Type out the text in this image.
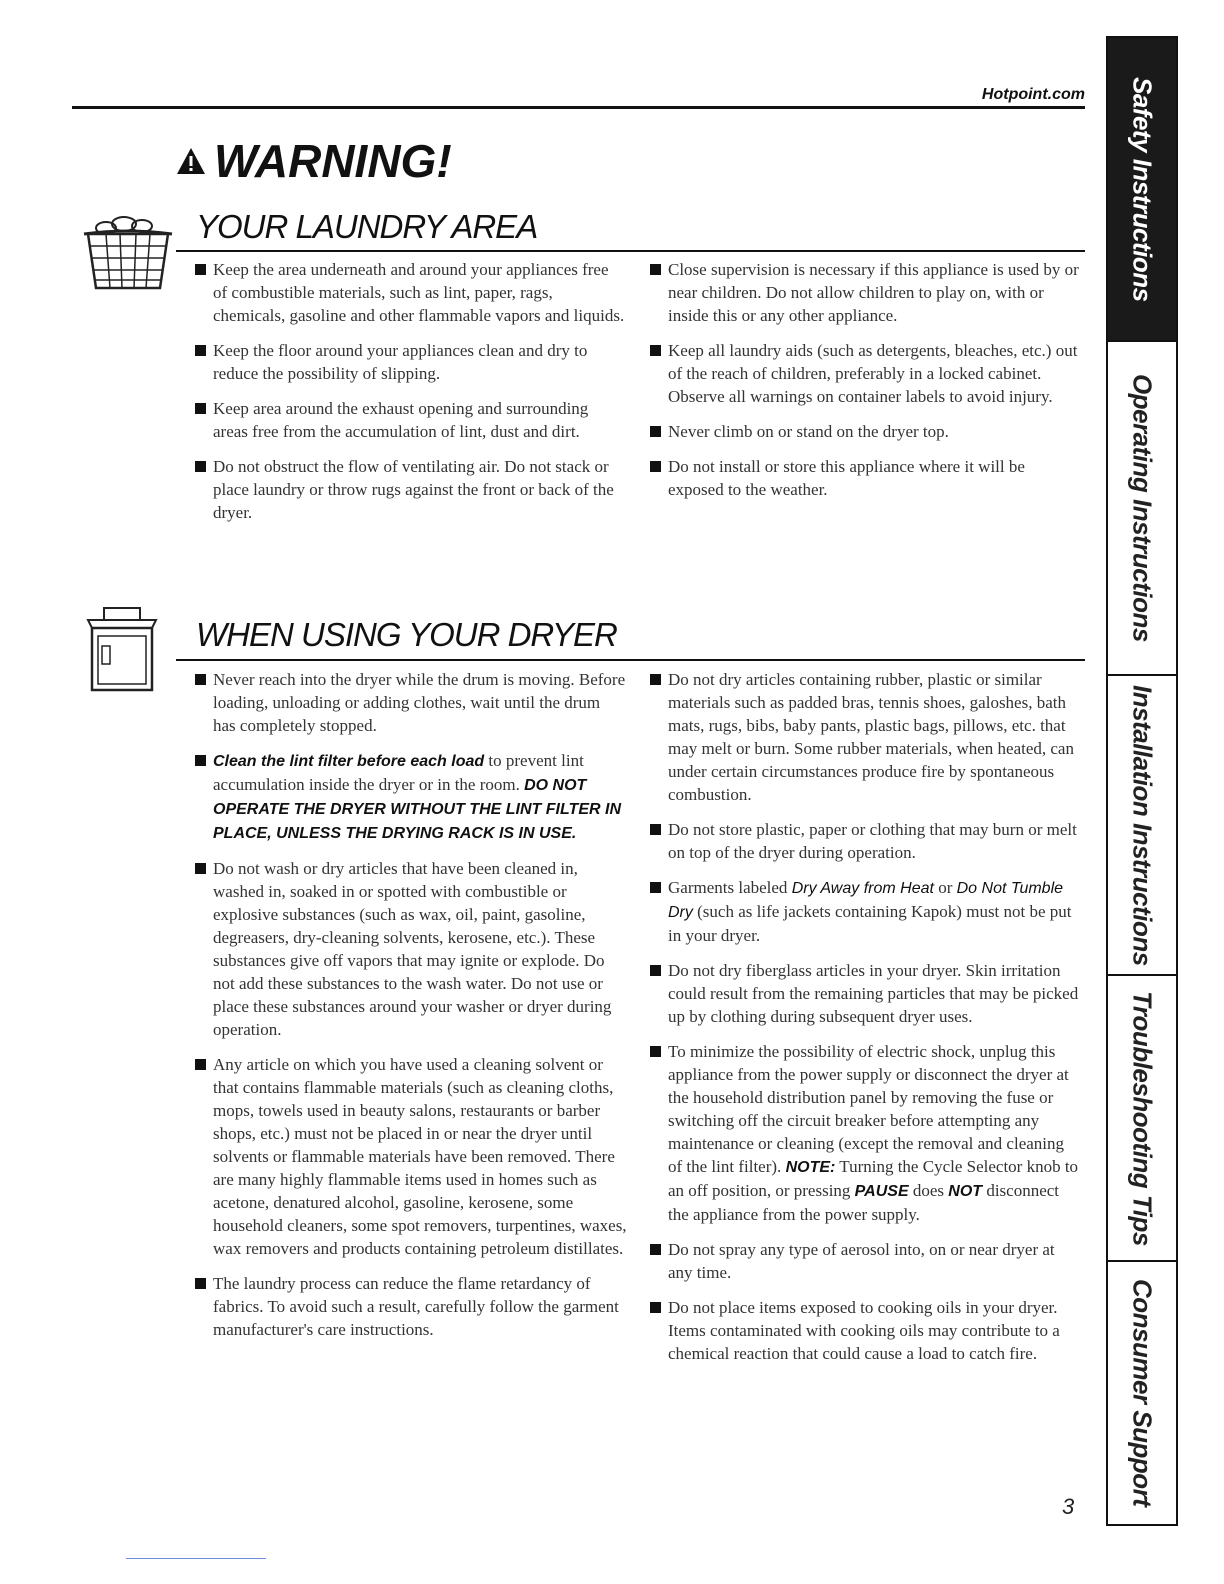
Hotpoint.com
WARNING!
YOUR LAUNDRY AREA
Keep the area underneath and around your appliances free of combustible materials, such as lint, paper, rags, chemicals, gasoline and other flammable vapors and liquids.
Keep the floor around your appliances clean and dry to reduce the possibility of slipping.
Keep area around the exhaust opening and surrounding areas free from the accumulation of lint, dust and dirt.
Do not obstruct the flow of ventilating air. Do not stack or place laundry or throw rugs against the front or back of the dryer.
Close supervision is necessary if this appliance is used by or near children. Do not allow children to play on, with or inside this or any other appliance.
Keep all laundry aids (such as detergents, bleaches, etc.) out of the reach of children, preferably in a locked cabinet. Observe all warnings on container labels to avoid injury.
Never climb on or stand on the dryer top.
Do not install or store this appliance where it will be exposed to the weather.
WHEN USING YOUR DRYER
Never reach into the dryer while the drum is moving. Before loading, unloading or adding clothes, wait until the drum has completely stopped.
Clean the lint filter before each load to prevent lint accumulation inside the dryer or in the room. DO NOT OPERATE THE DRYER WITHOUT THE LINT FILTER IN PLACE, UNLESS THE DRYING RACK IS IN USE.
Do not wash or dry articles that have been cleaned in, washed in, soaked in or spotted with combustible or explosive substances (such as wax, oil, paint, gasoline, degreasers, dry-cleaning solvents, kerosene, etc.). These substances give off vapors that may ignite or explode. Do not add these substances to the wash water. Do not use or place these substances around your washer or dryer during operation.
Any article on which you have used a cleaning solvent or that contains flammable materials (such as cleaning cloths, mops, towels used in beauty salons, restaurants or barber shops, etc.) must not be placed in or near the dryer until solvents or flammable materials have been removed. There are many highly flammable items used in homes such as acetone, denatured alcohol, gasoline, kerosene, some household cleaners, some spot removers, turpentines, waxes, wax removers and products containing petroleum distillates.
The laundry process can reduce the flame retardancy of fabrics. To avoid such a result, carefully follow the garment manufacturer's care instructions.
Do not dry articles containing rubber, plastic or similar materials such as padded bras, tennis shoes, galoshes, bath mats, rugs, bibs, baby pants, plastic bags, pillows, etc. that may melt or burn. Some rubber materials, when heated, can under certain circumstances produce fire by spontaneous combustion.
Do not store plastic, paper or clothing that may burn or melt on top of the dryer during operation.
Garments labeled Dry Away from Heat or Do Not Tumble Dry (such as life jackets containing Kapok) must not be put in your dryer.
Do not dry fiberglass articles in your dryer. Skin irritation could result from the remaining particles that may be picked up by clothing during subsequent dryer uses.
To minimize the possibility of electric shock, unplug this appliance from the power supply or disconnect the dryer at the household distribution panel by removing the fuse or switching off the circuit breaker before attempting any maintenance or cleaning (except the removal and cleaning of the lint filter). NOTE: Turning the Cycle Selector knob to an off position, or pressing PAUSE does NOT disconnect the appliance from the power supply.
Do not spray any type of aerosol into, on or near dryer at any time.
Do not place items exposed to cooking oils in your dryer. Items contaminated with cooking oils may contribute to a chemical reaction that could cause a load to catch fire.
3
Safety Instructions
Operating Instructions
Installation Instructions
Troubleshooting Tips
Consumer Support
